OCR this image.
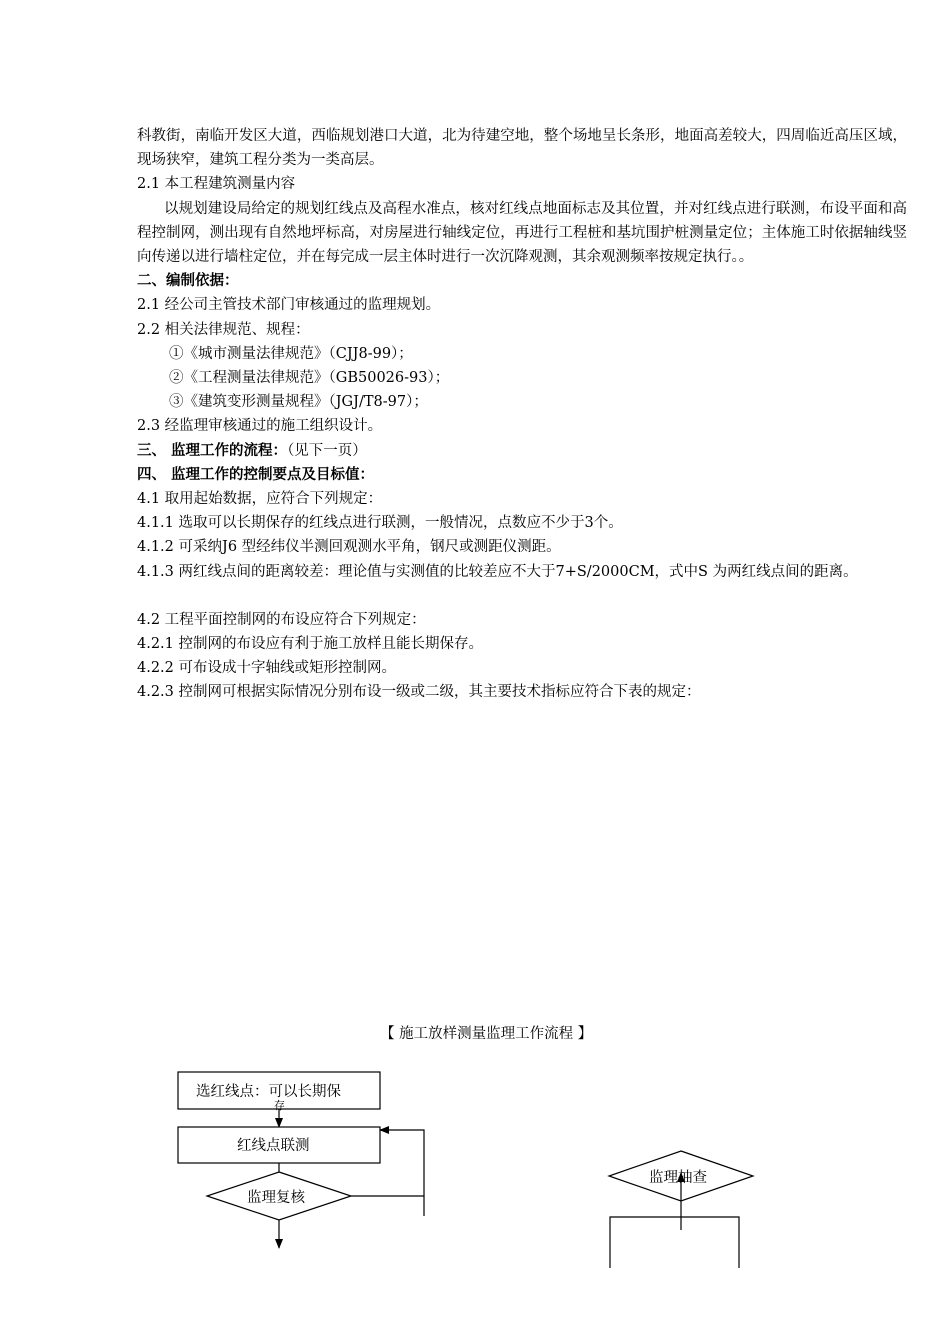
科教街，南临开发区大道，西临规划港口大道，北为待建空地，整个场地呈长条形，地面高差较大，四周临近高压区域，现场狭窄，建筑工程分类为一类高层。

2.1 本工程建筑测量内容

以规划建设局给定的规划红线点及高程水准点，核对红线点地面标志及其位置，并对红线点进行联测，布设平面和高程控制网，测出现有自然地坪标高，对房屋进行轴线定位，再进行工程桩和基坑围护桩测量定位；主体施工时依据轴线竖向传递以进行墙柱定位，并在每完成一层主体时进行一次沉降观测，其余观测频率按规定执行。。

二、编制依据：

2.1 经公司主管技术部门审核通过的监理规划。

2.2 相关法律规范、规程：

①《城市测量法律规范》（CJJ8-99）；

②《工程测量法律规范》（GB50026-93）；

③《建筑变形测量规程》（JGJ/T8-97）；

2.3 经监理审核通过的施工组织设计。

三、 监理工作的流程：（见下一页）

四、 监理工作的控制要点及目标值：

4.1 取用起始数据，应符合下列规定：

4.1.1 选取可以长期保存的红线点进行联测，一般情况，点数应不少于3个。

4.1.2 可采纳J6 型经纬仪半测回观测水平角，钢尺或测距仪测距。

4.1.3 两红线点间的距离较差：理论值与实测值的比较差应不大于7+S/2000CM，式中S 为两红线点间的距离。

4.2 工程平面控制网的布设应符合下列规定：

4.2.1 控制网的布设应有利于施工放样且能长期保存。

4.2.2 可布设成十字轴线或矩形控制网。

4.2.3 控制网可根据实际情况分别布设一级或二级，其主要技术指标应符合下表的规定：

【 施工放样测量监理工作流程 】
选红线点：可以长期保
存
红线点联测
监理复核
监理抽查
